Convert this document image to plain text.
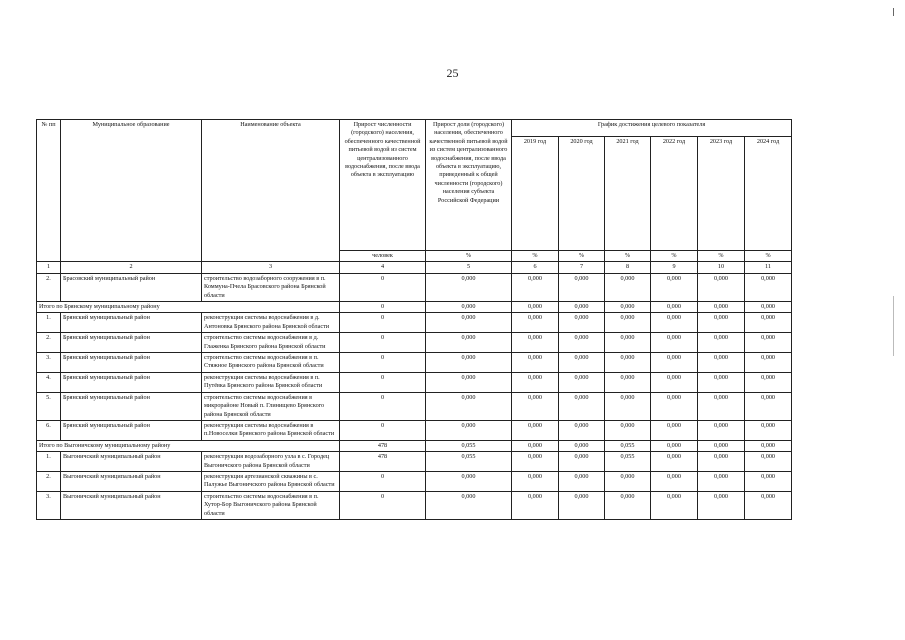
25
№ пп	Муниципальное образование	Наименование объекта	Прирост численности (городского) населения, обеспеченного качественной питьевой водой из систем централизованного водоснабжения, после ввода объекта в эксплуатацию	Прирост доли (городского) населения, обеспеченного качественной питьевой водой из систем централизованного водоснабжения, после ввода объекта в эксплуатацию, приведенный к общей численности (городского) населения субъекта Российской Федерации	График достижения целевого показателя					
					2019 год	2020 год	2021 год	2022 год	2023 год	2024 год
			человек	%	%	%	%	%	%	%
1	2	3	4	5	6	7	8	9	10	11
2.	Брасовский муниципальный район	строительство водозаборного сооружения в п. Коммуна-Пчела Брасовского района Брянской области	0	0,000	0,000	0,000	0,000	0,000	0,000	0,000
Итого по Брянскому муниципальному району			0	0,000	0,000	0,000	0,000	0,000	0,000	0,000
1.	Брянский муниципальный район	реконструкция системы водоснабжения в д. Антоновка Брянского района Брянской области	0	0,000	0,000	0,000	0,000	0,000	0,000	0,000
2.	Брянский муниципальный район	строительство системы водоснабжения в д. Глаженка Брянского района Брянской области	0	0,000	0,000	0,000	0,000	0,000	0,000	0,000
3.	Брянский муниципальный район	строительство системы водоснабжения в п. Стяжное Брянского района Брянской области	0	0,000	0,000	0,000	0,000	0,000	0,000	0,000
4.	Брянский муниципальный район	реконструкция системы водоснабжения в п. Путёвка Брянского района Брянской области	0	0,000	0,000	0,000	0,000	0,000	0,000	0,000
5.	Брянский муниципальный район	строительство системы водоснабжения в микрорайоне Новый п. Глинищево Брянского района Брянской области	0	0,000	0,000	0,000	0,000	0,000	0,000	0,000
6.	Брянский муниципальный район	реконструкция системы водоснабжения в п.Новоселки Брянского района Брянской области	0	0,000	0,000	0,000	0,000	0,000	0,000	0,000
Итого по Выгоничскому муниципальному району			478	0,055	0,000	0,000	0,055	0,000	0,000	0,000
1.	Выгоничский муниципальный район	реконструкция водозаборного узла в с. Городец Выгоничского района Брянской области	478	0,055	0,000	0,000	0,055	0,000	0,000	0,000
2.	Выгоничский муниципальный район	реконструкция артезианской скважины в с. Палужье Выгоничского района Брянской области	0	0,000	0,000	0,000	0,000	0,000	0,000	0,000
3.	Выгоничский муниципальный район	строительство системы водоснабжения в п. Хутор-Бор Выгоничского района Брянской области	0	0,000	0,000	0,000	0,000	0,000	0,000	0,000
